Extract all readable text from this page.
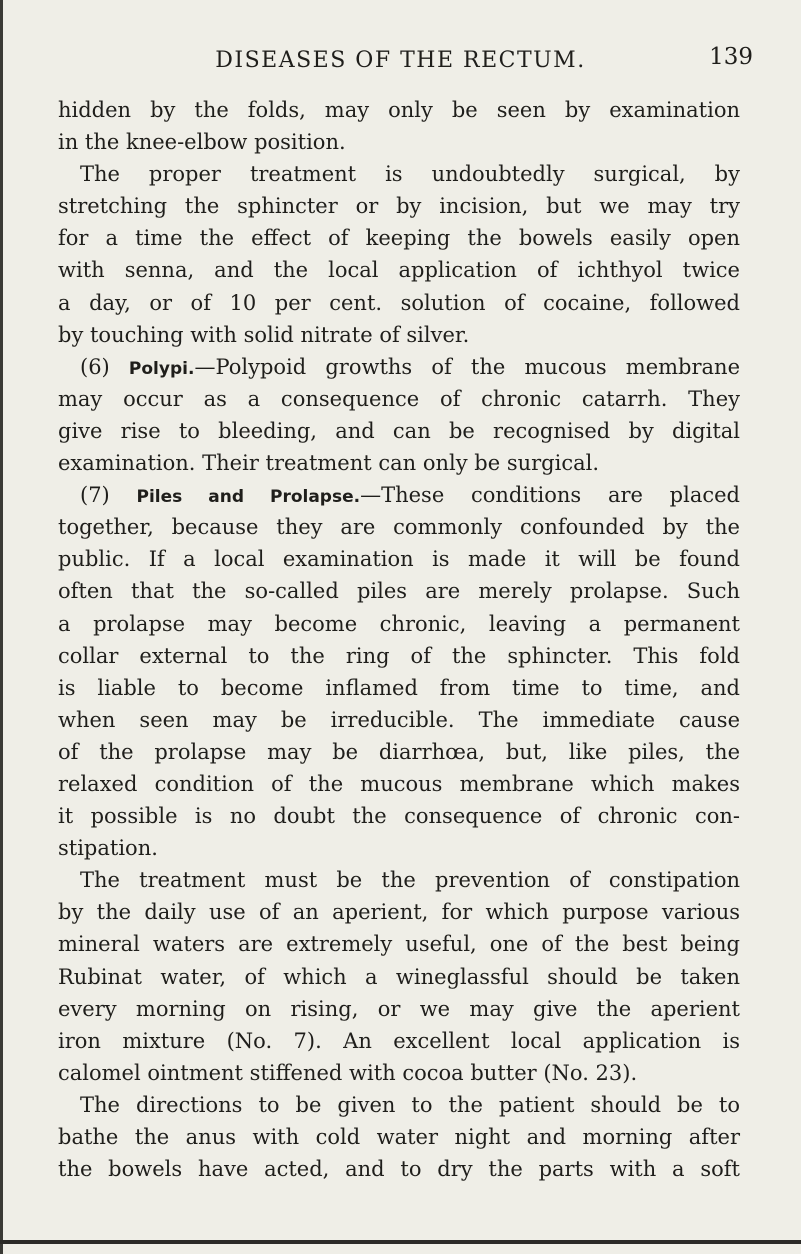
DISEASES OF THE RECTUM.	139
hidden by the folds, may only be seen by examination
in the knee-elbow position.
The proper treatment is undoubtedly surgical, by
stretching the sphincter or by incision, but we may try
for a time the effect of keeping the bowels easily open
with senna, and the local application of ichthyol twice
a day, or of 10 per cent. solution of cocaine, followed
by touching with solid nitrate of silver.
(6) Polypi.—Polypoid growths of the mucous membrane
may occur as a consequence of chronic catarrh. They
give rise to bleeding, and can be recognised by digital
examination. Their treatment can only be surgical.
(7) Piles and Prolapse.—These conditions are placed
together, because they are commonly confounded by the
public. If a local examination is made it will be found
often that the so-called piles are merely prolapse. Such
a prolapse may become chronic, leaving a permanent
collar external to the ring of the sphincter. This fold
is liable to become inflamed from time to time, and
when seen may be irreducible. The immediate cause
of the prolapse may be diarrhœa, but, like piles, the
relaxed condition of the mucous membrane which makes
it possible is no doubt the consequence of chronic con-
stipation.
The treatment must be the prevention of constipation
by the daily use of an aperient, for which purpose various
mineral waters are extremely useful, one of the best being
Rubinat water, of which a wineglassful should be taken
every morning on rising, or we may give the aperient
iron mixture (No. 7). An excellent local application is
calomel ointment stiffened with cocoa butter (No. 23).
The directions to be given to the patient should be to
bathe the anus with cold water night and morning after
the bowels have acted, and to dry the parts with a soft
